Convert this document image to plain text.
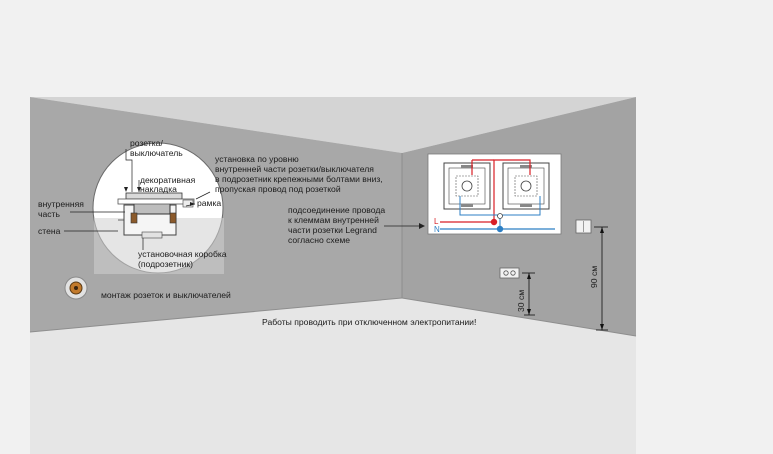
розетка/ выключатель
декоративная накладка
рамка
внутренняя часть
стена
установочная коробка (подрозетник)
установка по уровню внутренней части розетки/выключателя в подрозетник крепежными болтами вниз, пропуская провод под розеткой
монтаж розеток и выключателей
L
N
подсоединение провода к клеммам внутренней части розетки Legrand согласно схеме
30 см
90 см
Работы проводить при отключенном электропитании!
